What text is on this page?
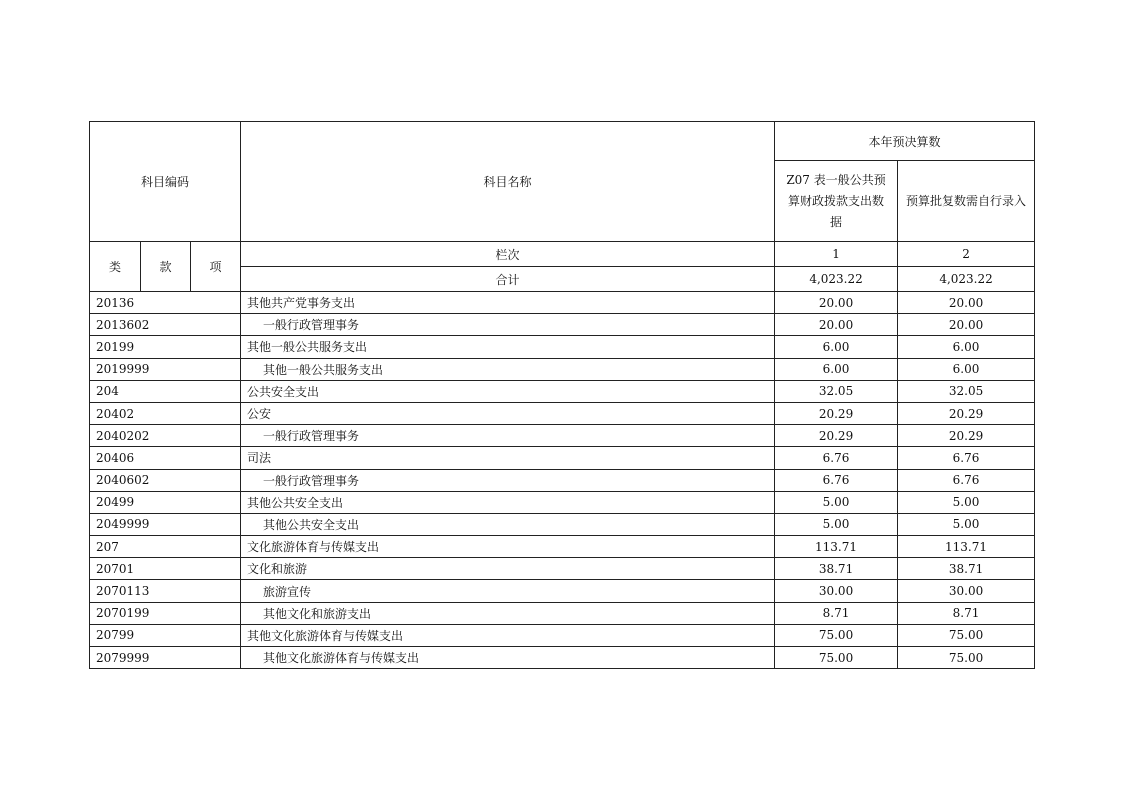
科目编码			科目名称	本年预决算数	
				Z07 表一般公共预算财政拨款支出数据	预算批复数需自行录入
类	款	项	栏次	1	2
			合计	4,023.22	4,023.22
20136			其他共产党事务支出	20.00	20.00
2013602			一般行政管理事务	20.00	20.00
20199			其他一般公共服务支出	6.00	6.00
2019999			其他一般公共服务支出	6.00	6.00
204			公共安全支出	32.05	32.05
20402			公安	20.29	20.29
2040202			一般行政管理事务	20.29	20.29
20406			司法	6.76	6.76
2040602			一般行政管理事务	6.76	6.76
20499			其他公共安全支出	5.00	5.00
2049999			其他公共安全支出	5.00	5.00
207			文化旅游体育与传媒支出	113.71	113.71
20701			文化和旅游	38.71	38.71
2070113			旅游宣传	30.00	30.00
2070199			其他文化和旅游支出	8.71	8.71
20799			其他文化旅游体育与传媒支出	75.00	75.00
2079999			其他文化旅游体育与传媒支出	75.00	75.00
